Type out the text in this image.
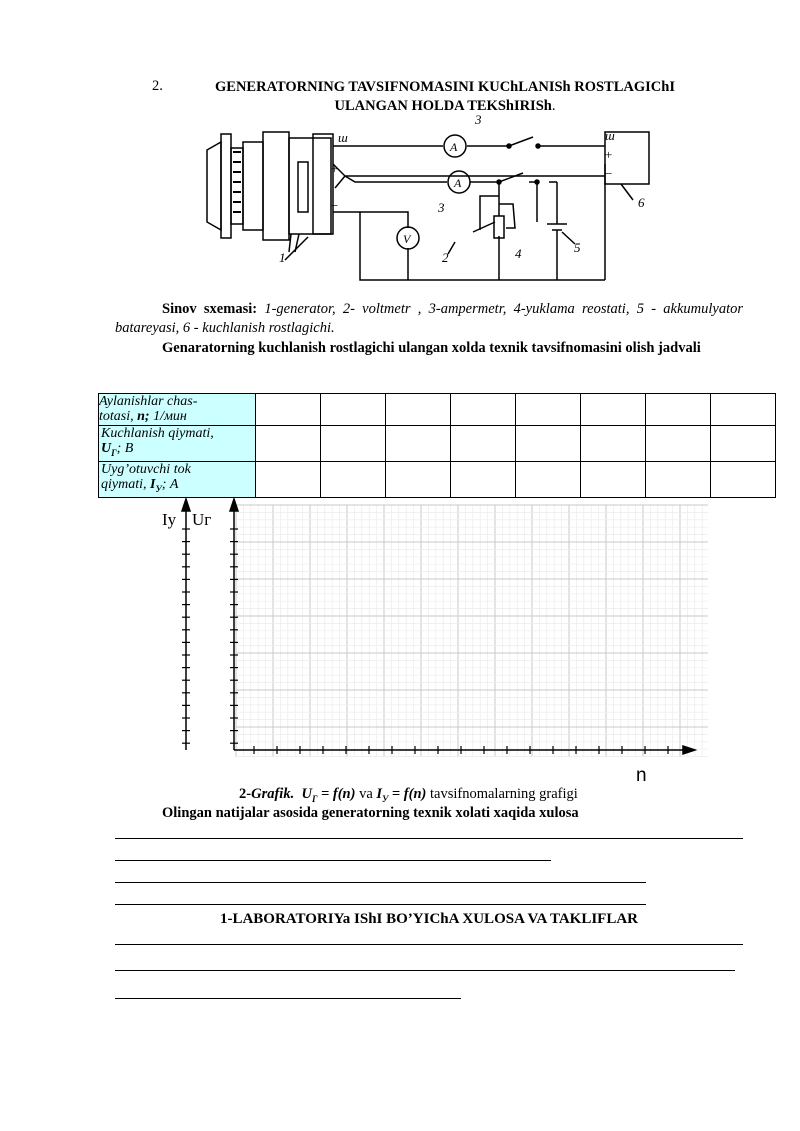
2.	GENERATORNING TAVSIFNOMASINI KUChLANISh ROSTLAGIChI
ULANGAN HOLDA TEKShIRISh.
ш
+
−
ш
+
−
A
A
V
1	2
3
3
4	5
6
Sinov sxemasi: 1-generator, 2- voltmetr , 3-ampermetr, 4-yuklama reostati, 5 - akkumulyator batareyasi, 6 - kuchlanish rostlagichi.
Genaratorning kuchlanish rostlagichi ulangan xolda texnik tavsifnomasini olish jadvali
Aylanishlar chas-
totasi, n; 1/мин								
Kuchlanish qiymati,
$U_Г$; B								
Uyg’otuvchi tok
qiymati, $I_У$; A								
Iy Uг
n
2-Grafik. $U_Г = f(n)$ va $I_У = f(n)$ tavsifnomalarning grafigi
Olingan natijalar asosida generatorning texnik xolati xaqida xulosa
1-LABORATORIYa IShI BO’YIChA XULOSA VA TAKLIFLAR
